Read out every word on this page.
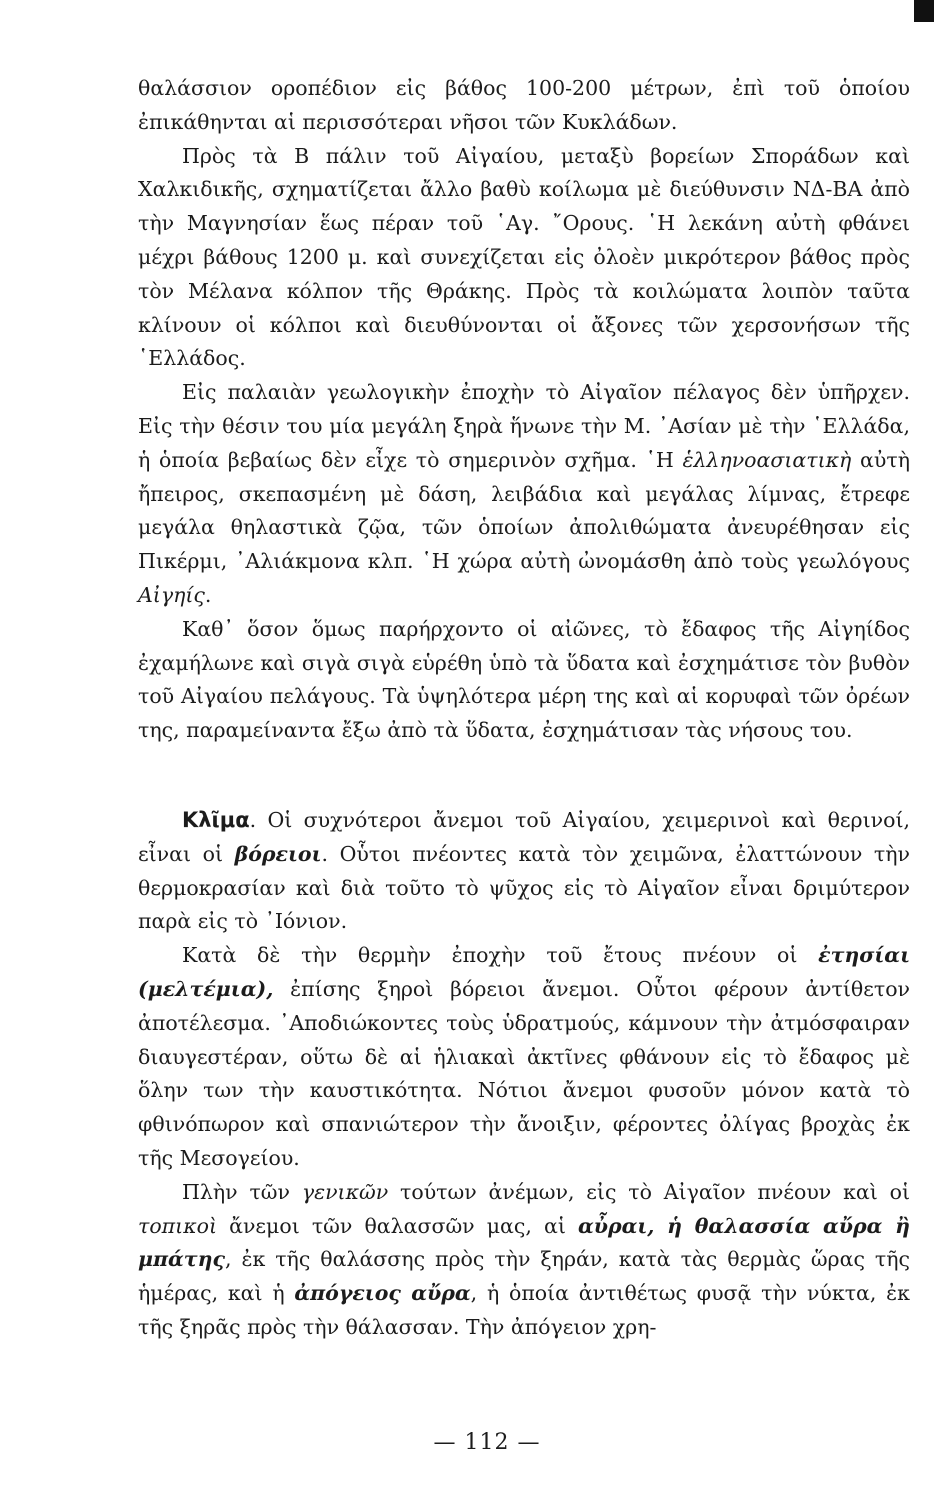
θαλάσσιον οροπέδιον εἰς βάθος 100-200 μέτρων, ἐπὶ τοῦ ὁποίου ἐπικάθηνται αἱ περισσότεραι νῆσοι τῶν Κυκλάδων.

Πρὸς τὰ Β πάλιν τοῦ Αἰγαίου, μεταξὺ βορείων Σποράδων καὶ Χαλκιδικῆς, σχηματίζεται ἄλλο βαθὺ κοίλωμα μὲ διεύθυνσιν ΝΔ-ΒΑ ἀπὸ τὴν Μαγνησίαν ἕως πέραν τοῦ ῾Αγ. ῎Ορους. ῾Η λεκάνη αὐτὴ φθάνει μέχρι βάθους 1200 μ. καὶ συνεχίζεται εἰς ὀλοὲν μικρότερον βάθος πρὸς τὸν Μέλανα κόλπον τῆς Θράκης. Πρὸς τὰ κοιλώματα λοιπὸν ταῦτα κλίνουν οἱ κόλποι καὶ διευθύνονται οἱ ἄξονες τῶν χερσονήσων τῆς ῾Ελλάδος.

Εἰς παλαιὰν γεωλογικὴν ἐποχὴν τὸ Αἰγαῖον πέλαγος δὲν ὑπῆρχεν. Εἰς τὴν θέσιν του μία μεγάλη ξηρὰ ἥνωνε τὴν Μ. ᾿Ασίαν μὲ τὴν ῾Ελλάδα, ἡ ὁποία βεβαίως δὲν εἶχε τὸ σημερινὸν σχῆμα. ῾Η ἑλληνοασιατικὴ αὐτὴ ἤπειρος, σκεπασμένη μὲ δάση, λειβάδια καὶ μεγάλας λίμνας, ἔτρεφε μεγάλα θηλαστικὰ ζῷα, τῶν ὁποίων ἀπολιθώματα ἀνευρέθησαν εἰς Πικέρμι, ᾿Αλιάκμονα κλπ. ῾Η χώρα αὐτὴ ὠνομάσθη ἀπὸ τοὺς γεωλόγους Αἰγηίς.

Καθ᾿ ὅσον ὅμως παρήρχοντο οἱ αἰῶνες, τὸ ἔδαφος τῆς Αἰγηίδος ἐχαμήλωνε καὶ σιγὰ σιγὰ εὑρέθη ὑπὸ τὰ ὕδατα καὶ ἐσχημάτισε τὸν βυθὸν τοῦ Αἰγαίου πελάγους. Τὰ ὑψηλότερα μέρη της καὶ αἱ κορυφαὶ τῶν ὀρέων της, παραμείναντα ἔξω ἀπὸ τὰ ὕδατα, ἐσχημάτισαν τὰς νήσους του.

Κλῖμα. Οἱ συχνότεροι ἄνεμοι τοῦ Αἰγαίου, χειμερινοὶ καὶ θερινοί, εἶναι οἱ βόρειοι. Οὗτοι πνέοντες κατὰ τὸν χειμῶνα, ἐλαττώνουν τὴν θερμοκρασίαν καὶ διὰ τοῦτο τὸ ψῦχος εἰς τὸ Αἰγαῖον εἶναι δριμύτερον παρὰ εἰς τὸ ᾿Ιόνιον.

Κατὰ δὲ τὴν θερμὴν ἐποχὴν τοῦ ἔτους πνέουν οἱ ἐτησίαι (μελτέμια), ἐπίσης ξηροὶ βόρειοι ἄνεμοι. Οὗτοι φέρουν ἀντίθετον ἀποτέλεσμα. ᾿Αποδιώκοντες τοὺς ὑδρατμούς, κάμνουν τὴν ἀτμόσφαιραν διαυγεστέραν, οὕτω δὲ αἱ ἡλιακαὶ ἀκτῖνες φθάνουν εἰς τὸ ἔδαφος μὲ ὅλην των τὴν καυστικότητα. Νότιοι ἄνεμοι φυσοῦν μόνον κατὰ τὸ φθινόπωρον καὶ σπανιώτερον τὴν ἄνοιξιν, φέροντες ὀλίγας βροχὰς ἐκ τῆς Μεσογείου.

Πλὴν τῶν γενικῶν τούτων ἀνέμων, εἰς τὸ Αἰγαῖον πνέουν καὶ οἱ τοπικοὶ ἄνεμοι τῶν θαλασσῶν μας, αἱ αὖραι, ἡ θαλασσία αὔρα ἢ μπάτης, ἐκ τῆς θαλάσσης πρὸς τὴν ξηράν, κατὰ τὰς θερμὰς ὥρας τῆς ἡμέρας, καὶ ἡ ἀπόγειος αὔρα, ἡ ὁποία ἀντιθέτως φυσᾷ τὴν νύκτα, ἐκ τῆς ξηρᾶς πρὸς τὴν θάλασσαν. Τὴν ἀπόγειον χρη-

— 112 —
